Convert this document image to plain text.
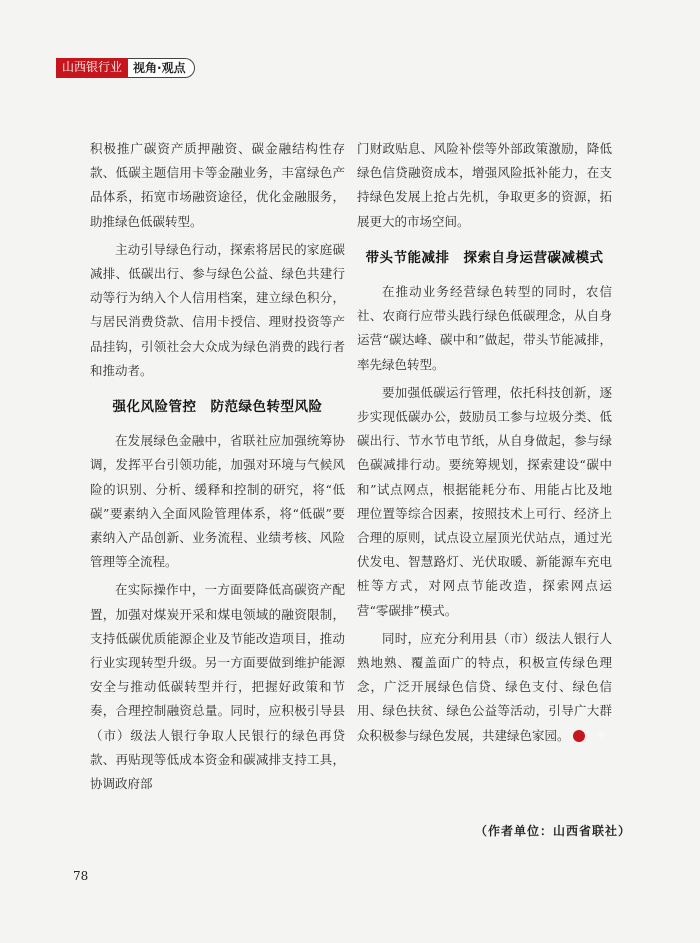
山西银行业 视角·观点

积极推广碳资产质押融资、碳金融结构性存款、低碳主题信用卡等金融业务，丰富绿色产品体系，拓宽市场融资途径，优化金融服务，助推绿色低碳转型。

主动引导绿色行动，探索将居民的家庭碳减排、低碳出行、参与绿色公益、绿色共建行动等行为纳入个人信用档案，建立绿色积分，与居民消费贷款、信用卡授信、理财投资等产品挂钩，引领社会大众成为绿色消费的践行者和推动者。

强化风险管控 防范绿色转型风险

在发展绿色金融中，省联社应加强统筹协调，发挥平台引领功能，加强对环境与气候风险的识别、分析、缓释和控制的研究，将“低碳”要素纳入全面风险管理体系，将“低碳”要素纳入产品创新、业务流程、业绩考核、风险管理等全流程。

在实际操作中，一方面要降低高碳资产配置，加强对煤炭开采和煤电领域的融资限制，支持低碳优质能源企业及节能改造项目，推动行业实现转型升级。另一方面要做到维护能源安全与推动低碳转型并行，把握好政策和节奏，合理控制融资总量。同时，应积极引导县（市）级法人银行争取人民银行的绿色再贷款、再贴现等低成本资金和碳减排支持工具，协调政府部

门财政贴息、风险补偿等外部政策激励，降低绿色信贷融资成本，增强风险抵补能力，在支持绿色发展上抢占先机，争取更多的资源，拓展更大的市场空间。

带头节能减排 探索自身运营碳减模式

在推动业务经营绿色转型的同时，农信社、农商行应带头践行绿色低碳理念，从自身运营“碳达峰、碳中和”做起，带头节能减排，率先绿色转型。

要加强低碳运行管理，依托科技创新，逐步实现低碳办公，鼓励员工参与垃圾分类、低碳出行、节水节电节纸，从自身做起，参与绿色碳减排行动。要统筹规划，探索建设“碳中和”试点网点，根据能耗分布、用能占比及地理位置等综合因素，按照技术上可行、经济上合理的原则，试点设立屋顶光伏站点，通过光伏发电、智慧路灯、光伏取暖、新能源车充电桩等方式，对网点节能改造，探索网点运营“零碳排”模式。

同时，应充分利用县（市）级法人银行人熟地熟、覆盖面广的特点，积极宣传绿色理念，广泛开展绿色信贷、绿色支付、绿色信用、绿色扶贫、绿色公益等活动，引导广大群众积极参与绿色发展，共建绿色家园。	中

（作者单位：山西省联社）
78
